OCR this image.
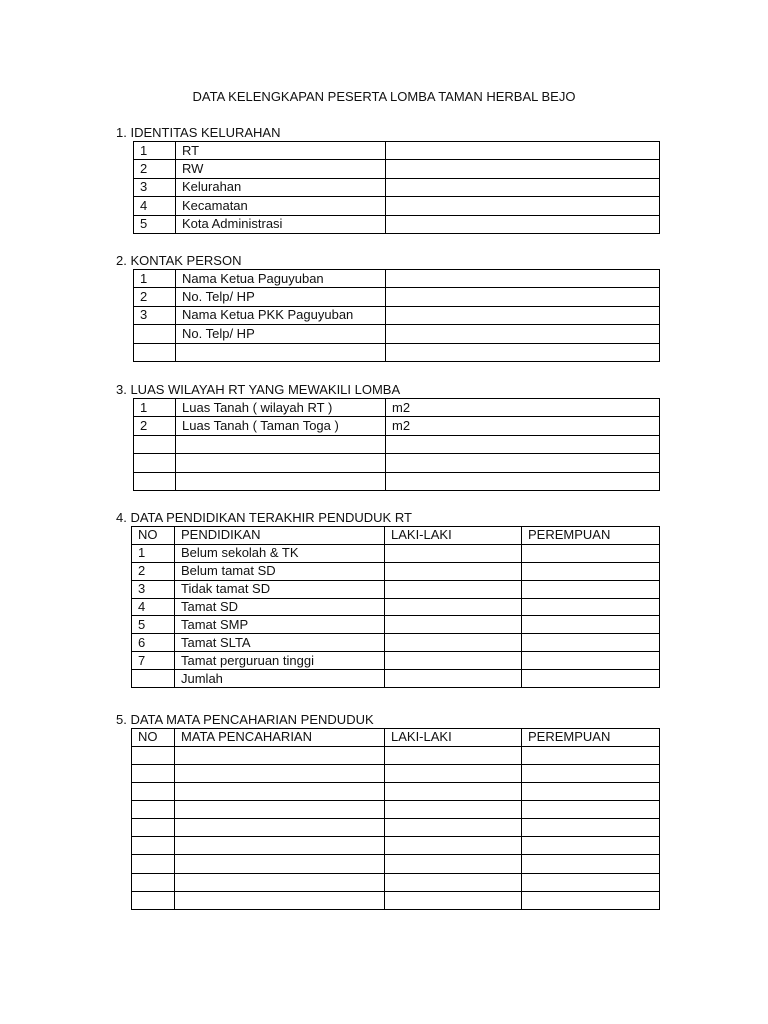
DATA KELENGKAPAN PESERTA LOMBA TAMAN HERBAL BEJO
1. IDENTITAS KELURAHAN
1	RT	
2	RW	
3	Kelurahan	
4	Kecamatan	
5	Kota Administrasi	
2. KONTAK PERSON
1	Nama Ketua Paguyuban	
2	No. Telp/ HP	
3	Nama Ketua PKK Paguyuban	
	No. Telp/ HP	

3. LUAS WILAYAH RT YANG MEWAKILI LOMBA
1	Luas Tanah ( wilayah RT )	m2
2	Luas Tanah ( Taman Toga )	m2

4. DATA PENDIDIKAN TERAKHIR PENDUDUK RT
NO	PENDIDIKAN	LAKI-LAKI	PEREMPUAN
1	Belum sekolah & TK		
2	Belum tamat SD		
3	Tidak tamat SD		
4	Tamat SD		
5	Tamat SMP		
6	Tamat SLTA		
7	Tamat perguruan tinggi		
	Jumlah		
5. DATA MATA PENCAHARIAN PENDUDUK
NO	MATA PENCAHARIAN	LAKI-LAKI	PEREMPUAN
